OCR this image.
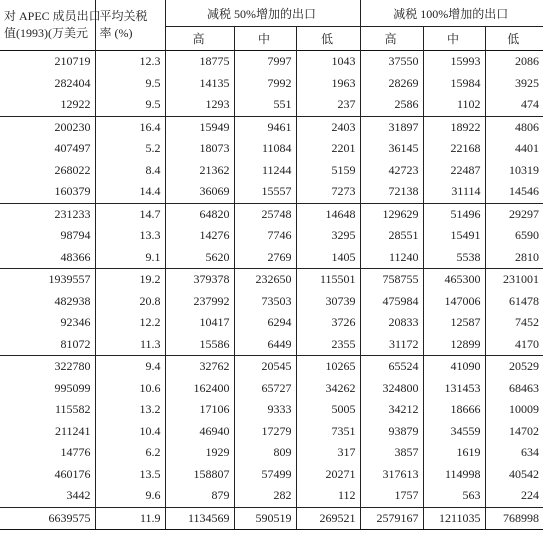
对 APEC 成员出口
值(1993)(万美元	平均关税
率 (%)	减税 50%增加的出口			减税 100%增加的出口		
		高	中	低	高	中	低
210719	12.3	18775	7997	1043	37550	15993	2086
282404	9.5	14135	7992	1963	28269	15984	3925
12922	9.5	1293	551	237	2586	1102	474
200230	16.4	15949	9461	2403	31897	18922	4806
407497	5.2	18073	11084	2201	36145	22168	4401
268022	8.4	21362	11244	5159	42723	22487	10319
160379	14.4	36069	15557	7273	72138	31114	14546
231233	14.7	64820	25748	14648	129629	51496	29297
98794	13.3	14276	7746	3295	28551	15491	6590
48366	9.1	5620	2769	1405	11240	5538	2810
1939557	19.2	379378	232650	115501	758755	465300	231001
482938	20.8	237992	73503	30739	475984	147006	61478
92346	12.2	10417	6294	3726	20833	12587	7452
81072	11.3	15586	6449	2355	31172	12899	4170
322780	9.4	32762	20545	10265	65524	41090	20529
995099	10.6	162400	65727	34262	324800	131453	68463
115582	13.2	17106	9333	5005	34212	18666	10009
211241	10.4	46940	17279	7351	93879	34559	14702
14776	6.2	1929	809	317	3857	1619	634
460176	13.5	158807	57499	20271	317613	114998	40542
3442	9.6	879	282	112	1757	563	224
6639575	11.9	1134569	590519	269521	2579167	1211035	768998
